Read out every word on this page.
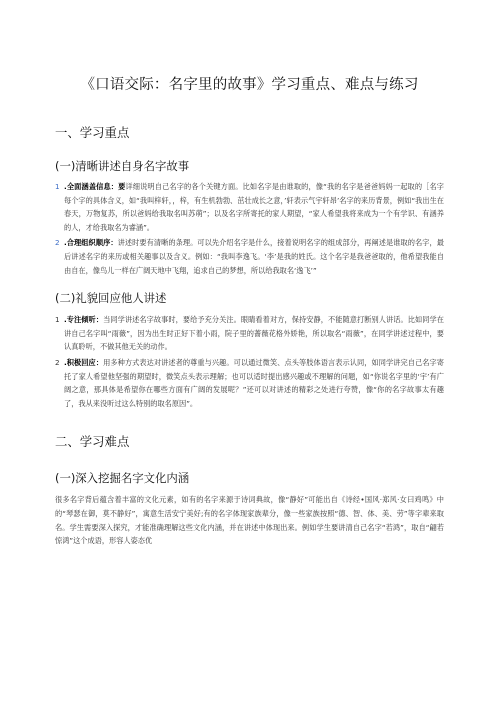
《口语交际：名字里的故事》学习重点、难点与练习
一、学习重点
(一)清晰讲述自身名字故事
1 .全面涵盖信息：要详细说明自己名字的各个关键方面。比如名字是由谁取的，像“我的名字是爸爸妈妈一起取的［名字每个字的具体含义，如“我叫梓轩，，梓，有生机勃勃、茁壮成长之意，’轩表示气宇轩昂’名字的来历背景，例如“我出生在春天，万物复苏，所以爸妈给我取名叫苏萌”；以及名字所寄托的家人期望，“家人希望我将来成为一个有学识、有涵养的人，才给我取名为睿涵”。
2 .合理组织顺序：讲述时要有清晰的条理。可以先介绍名字是什么，接着说明名字的组成部分，再阐述是谁取的名字，最后讲述名字的来历或相关趣事以及含义。例如：“我叫李逸飞。‘李’是我的姓氏。这个名字是我爸爸取的，他希望我能自由自在，像鸟儿一样在广阔天地中飞翔，追求自己的梦想，所以给我取名‘逸飞’”
(二)礼貌回应他人讲述
1 .专注倾听：当同学讲述名字故事时，要给予充分关注。眼睛看着对方，保持安静，不能随意打断别人讲话。比如同学在讲自己名字叫“雨薇”，因为出生时正好下着小雨，院子里的蔷薇花格外娇艳，所以取名“雨薇”，在同学讲述过程中，要认真聆听，不做其他无关的动作。
2 .积极回应：用多种方式表达对讲述者的尊重与兴趣。可以通过微笑、点头等肢体语言表示认同，如同学讲完自己名字寄托了家人希望他坚强的期望时，微笑点头表示理解；也可以适时提出感兴趣或不理解的问题，如“你说名字里的‘宇’有广阔之意，那具体是希望你在哪些方面有广阔的发展呢？”还可以对讲述的精彩之处进行夸赞，像“你的名字故事太有趣了，我从来没听过这么特别的取名原因”。
二、学习难点
(一)深入挖掘名字文化内涵

很多名字背后蕴含着丰富的文化元素，如有的名字来源于诗词典故，像“静好”可能出自《诗经•国风·郑风·女曰鸡鸣》中的“琴瑟在御，莫不静好”，寓意生活安宁美好;有的名字体现家族辈分，像一些家族按照“德、智、体、美、劳”等字辈来取名。学生需要深入探究，才能准确理解这些文化内涵，并在讲述中体现出来。例如学生要讲清自己名字“若鸿”，取自“翩若惊鸿”这个成语，形容人姿态优
